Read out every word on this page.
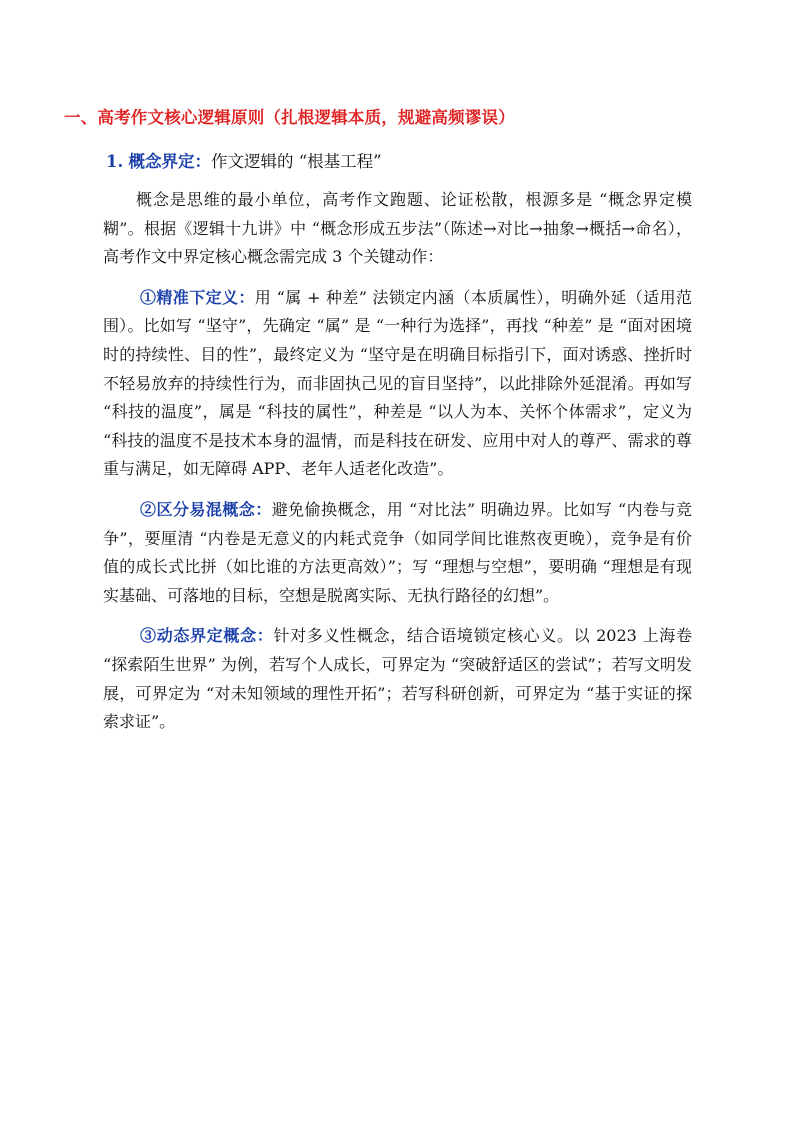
一、高考作文核心逻辑原则（扎根逻辑本质，规避高频谬误）
1. 概念界定：作文逻辑的 “根基工程”

概念是思维的最小单位，高考作文跑题、论证松散，根源多是 “概念界定模糊”。根据《逻辑十九讲》中 “概念形成五步法”（陈述→对比→抽象→概括→命名），高考作文中界定核心概念需完成 3 个关键动作：

①精准下定义：用 “属 + 种差” 法锁定内涵（本质属性），明确外延（适用范围）。比如写 “坚守”，先确定 “属” 是 “一种行为选择”，再找 “种差” 是 “面对困境时的持续性、目的性”，最终定义为 “坚守是在明确目标指引下，面对诱惑、挫折时不轻易放弃的持续性行为，而非固执己见的盲目坚持”，以此排除外延混淆。再如写 “科技的温度”，属是 “科技的属性”，种差是 “以人为本、关怀个体需求”，定义为 “科技的温度不是技术本身的温情，而是科技在研发、应用中对人的尊严、需求的尊重与满足，如无障碍 APP、老年人适老化改造”。

②区分易混概念：避免偷换概念，用 “对比法” 明确边界。比如写 “内卷与竞争”，要厘清 “内卷是无意义的内耗式竞争（如同学间比谁熬夜更晚），竞争是有价值的成长式比拼（如比谁的方法更高效）”；写 “理想与空想”，要明确 “理想是有现实基础、可落地的目标，空想是脱离实际、无执行路径的幻想”。

③动态界定概念：针对多义性概念，结合语境锁定核心义。以 2023 上海卷 “探索陌生世界” 为例，若写个人成长，可界定为 “突破舒适区的尝试”；若写文明发展，可界定为 “对未知领域的理性开拓”；若写科研创新，可界定为 “基于实证的探索求证”。
